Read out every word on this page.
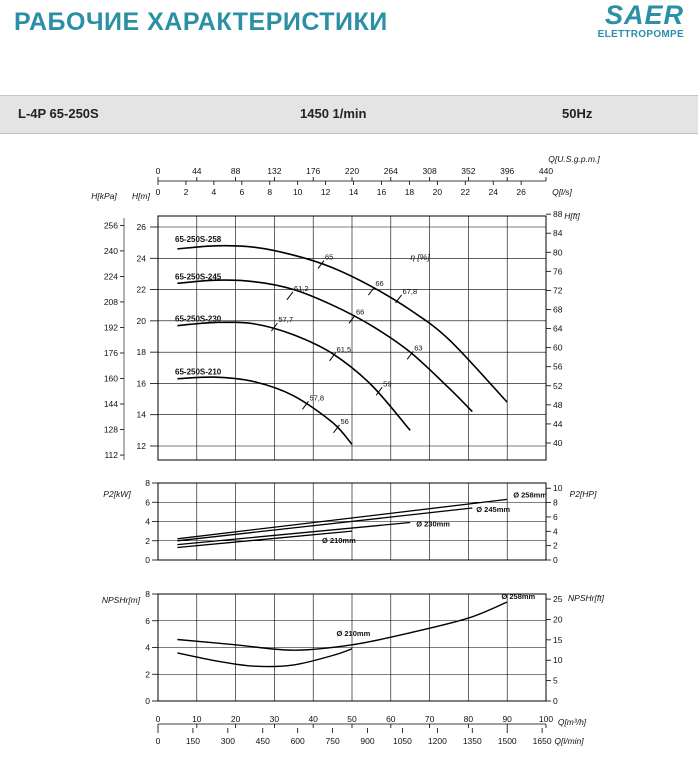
РАБОЧИЕ ХАРАКТЕРИСТИКИ	SAER
ELETTROPOMPE
L-4P 65-250S	1450 1/min	50Hz
0	44	88	132	176	220	264	308	352	396	440
0	2	4	6	8 10 12 14 16 18 20 22 24 26
Q[U.S.g.p.m.]
Q[l/s]
H[kPa] H[m]
26
24
22
20
18
16
14
12
256
240
224
208
192
176
160
144
128
112
88
84
80
76
72
68
64
60
56
52
48
44
40
H[ft]
65-250S-258
65-250S-245
65-250S-230
65-250S-210
η [%]
65
66
67,8
61,2
66
63
57,7
61,5
59
57,8
56
8
6
4
2
0
P2[kW]
10
8
6
4
2
0
P2[HP]
Ø 258mm
Ø 245mm
Ø 230mm
Ø 210mm
8
6
4
2
0
NPSHr[m]	25
20
15
10
5
0
NPSHr[ft]
Ø 258mm
Ø 210mm
0	10	20	30	40	50	60	70	80	90	100
0	150 300 450 600 750 900 1050 1200 1350 1500 1650
Q[m³/h]
Q[l/min]
